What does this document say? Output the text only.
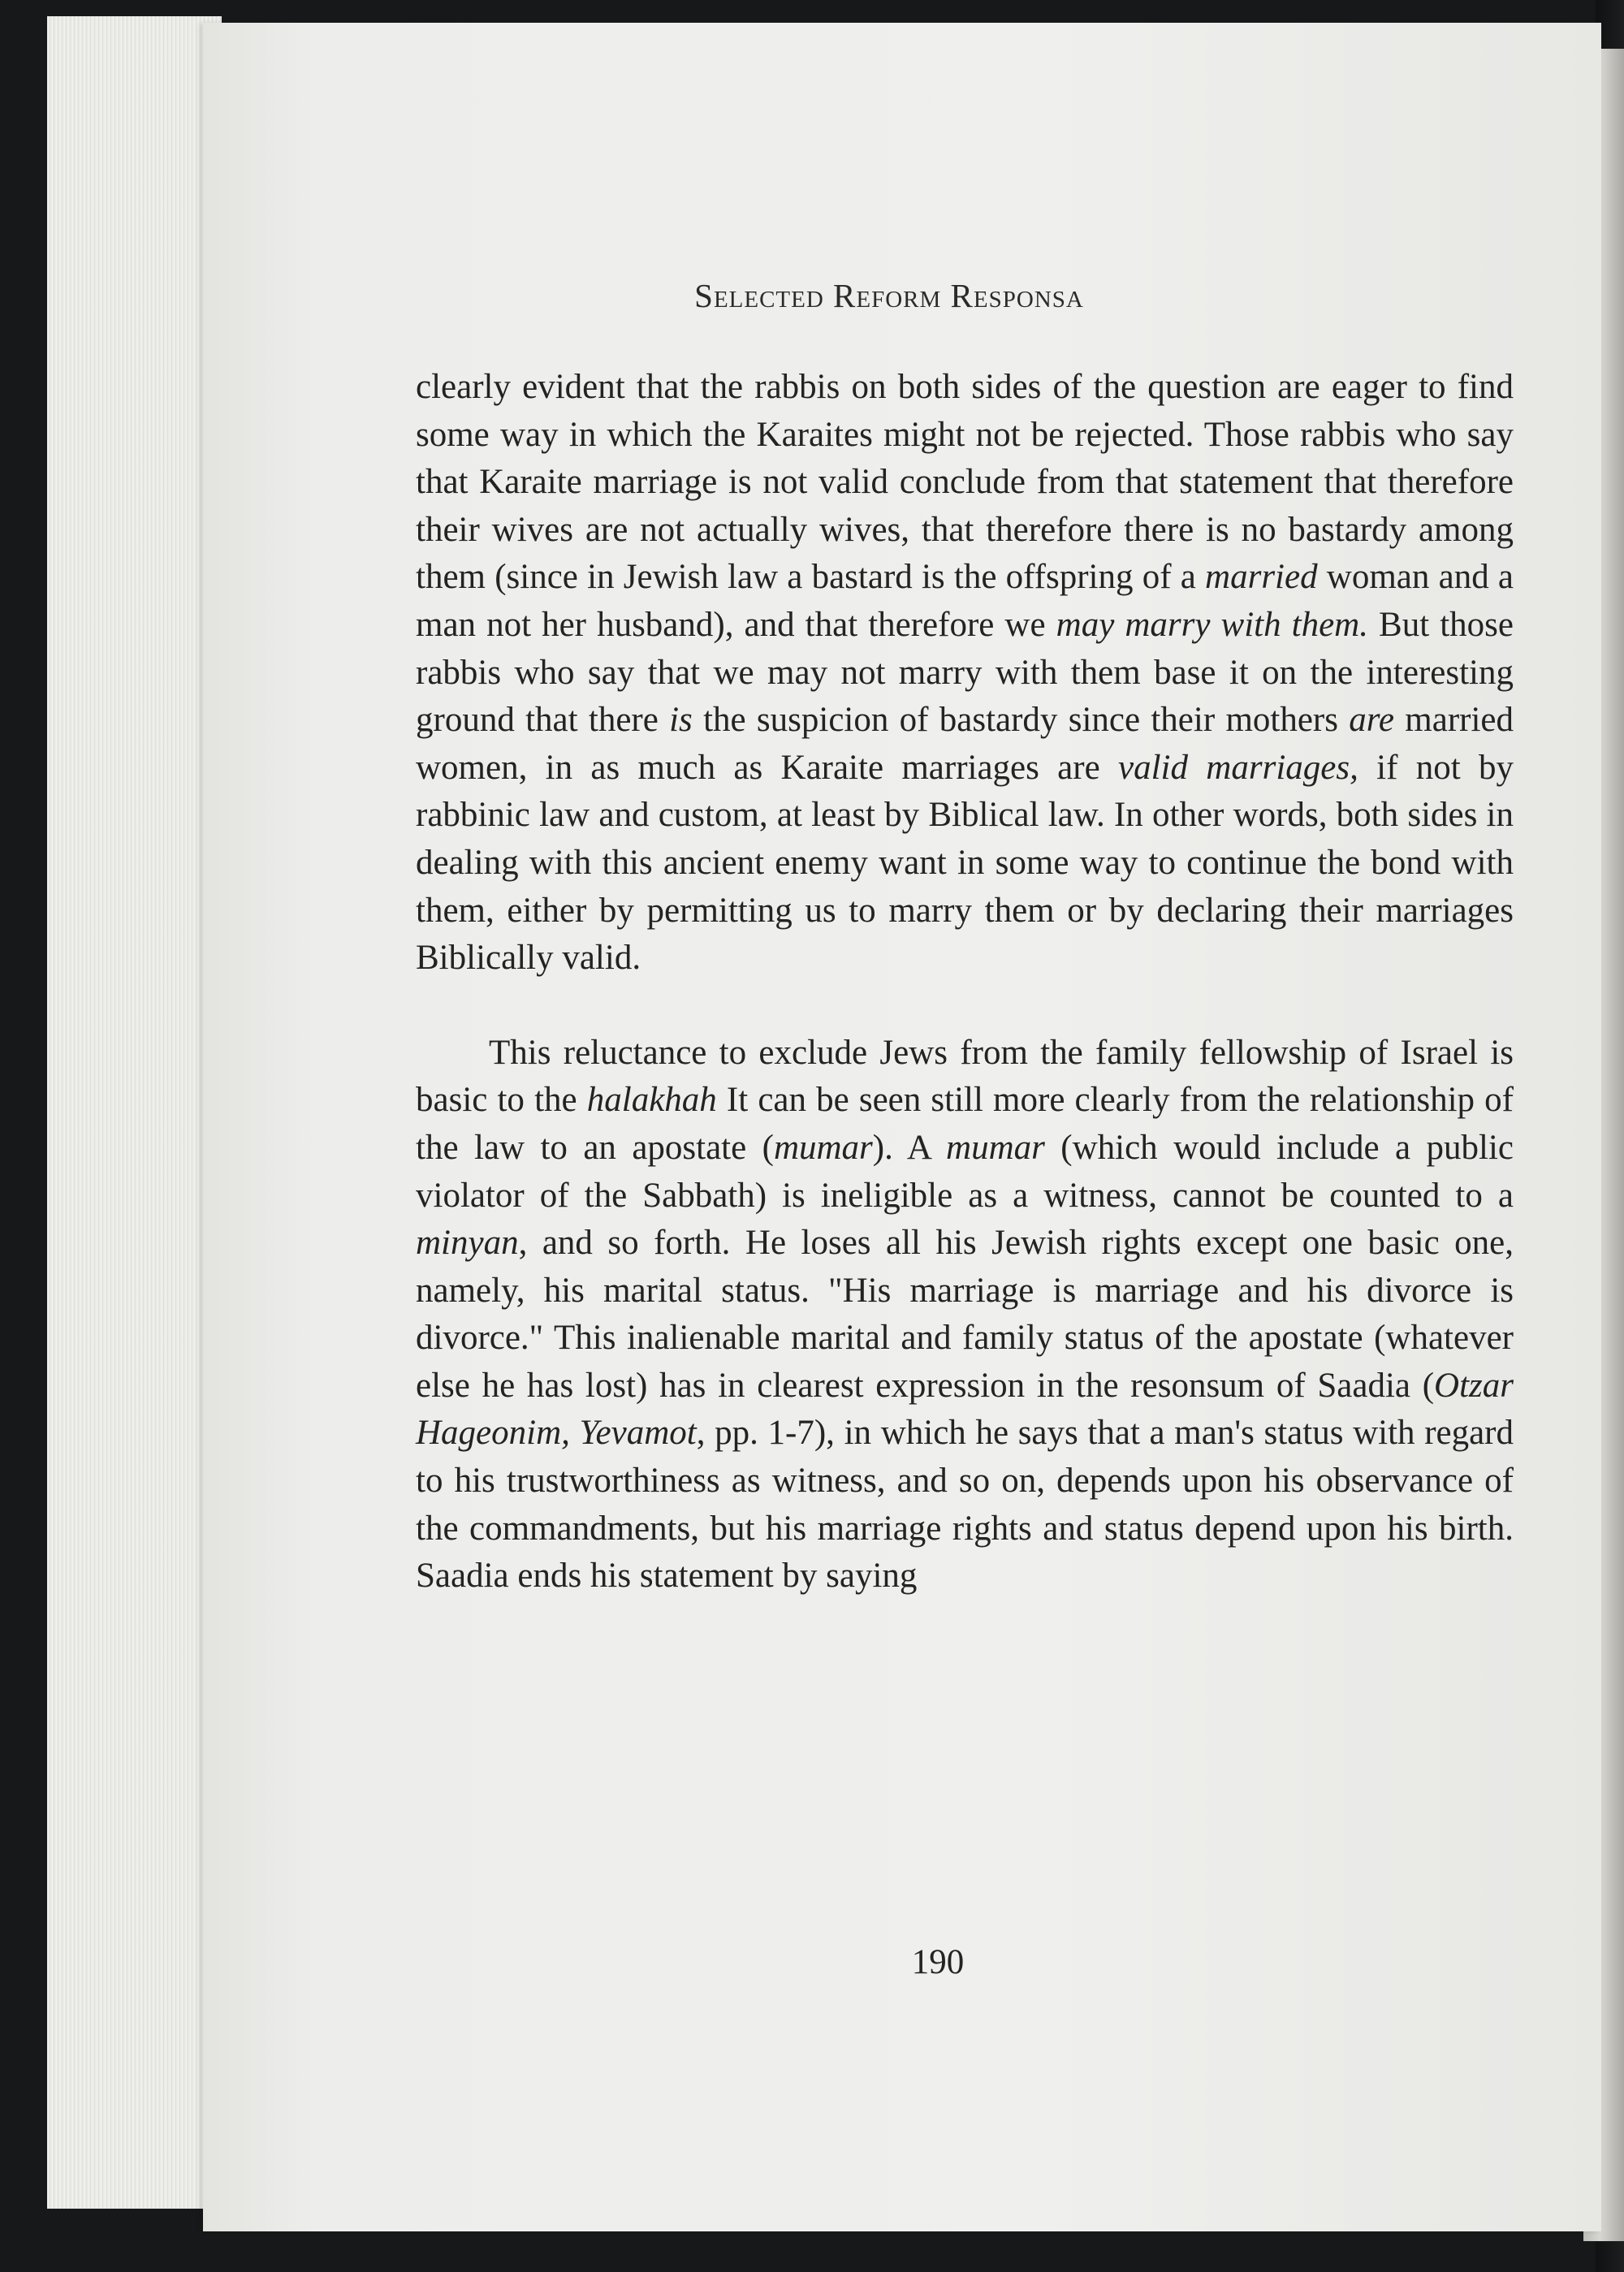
Selected Reform Responsa

clearly evident that the rabbis on both sides of the question are eager to find some way in which the Karaites might not be rejected. Those rabbis who say that Karaite marriage is not valid conclude from that statement that therefore their wives are not actually wives, that therefore there is no bastardy among them (since in Jewish law a bastard is the offspring of a married woman and a man not her husband), and that therefore we may marry with them. But those rabbis who say that we may not marry with them base it on the interesting ground that there is the suspicion of bastardy since their mothers are married women, in as much as Karaite marriages are valid marriages, if not by rabbinic law and custom, at least by Biblical law. In other words, both sides in dealing with this ancient enemy want in some way to continue the bond with them, either by permitting us to marry them or by declaring their marriages Biblically valid.

This reluctance to exclude Jews from the family fellowship of Israel is basic to the halakhah It can be seen still more clearly from the relationship of the law to an apostate (mumar). A mumar (which would include a public violator of the Sabbath) is ineligible as a witness, cannot be counted to a minyan, and so forth. He loses all his Jewish rights except one basic one, namely, his marital status. "His marriage is marriage and his divorce is divorce." This inalienable marital and family status of the apostate (whatever else he has lost) has in clearest expression in the resonsum of Saadia (Otzar Hageonim, Yevamot, pp. 1-7), in which he says that a man's status with regard to his trustworthiness as witness, and so on, depends upon his observance of the commandments, but his marriage rights and status depend upon his birth. Saadia ends his statement by saying

190
